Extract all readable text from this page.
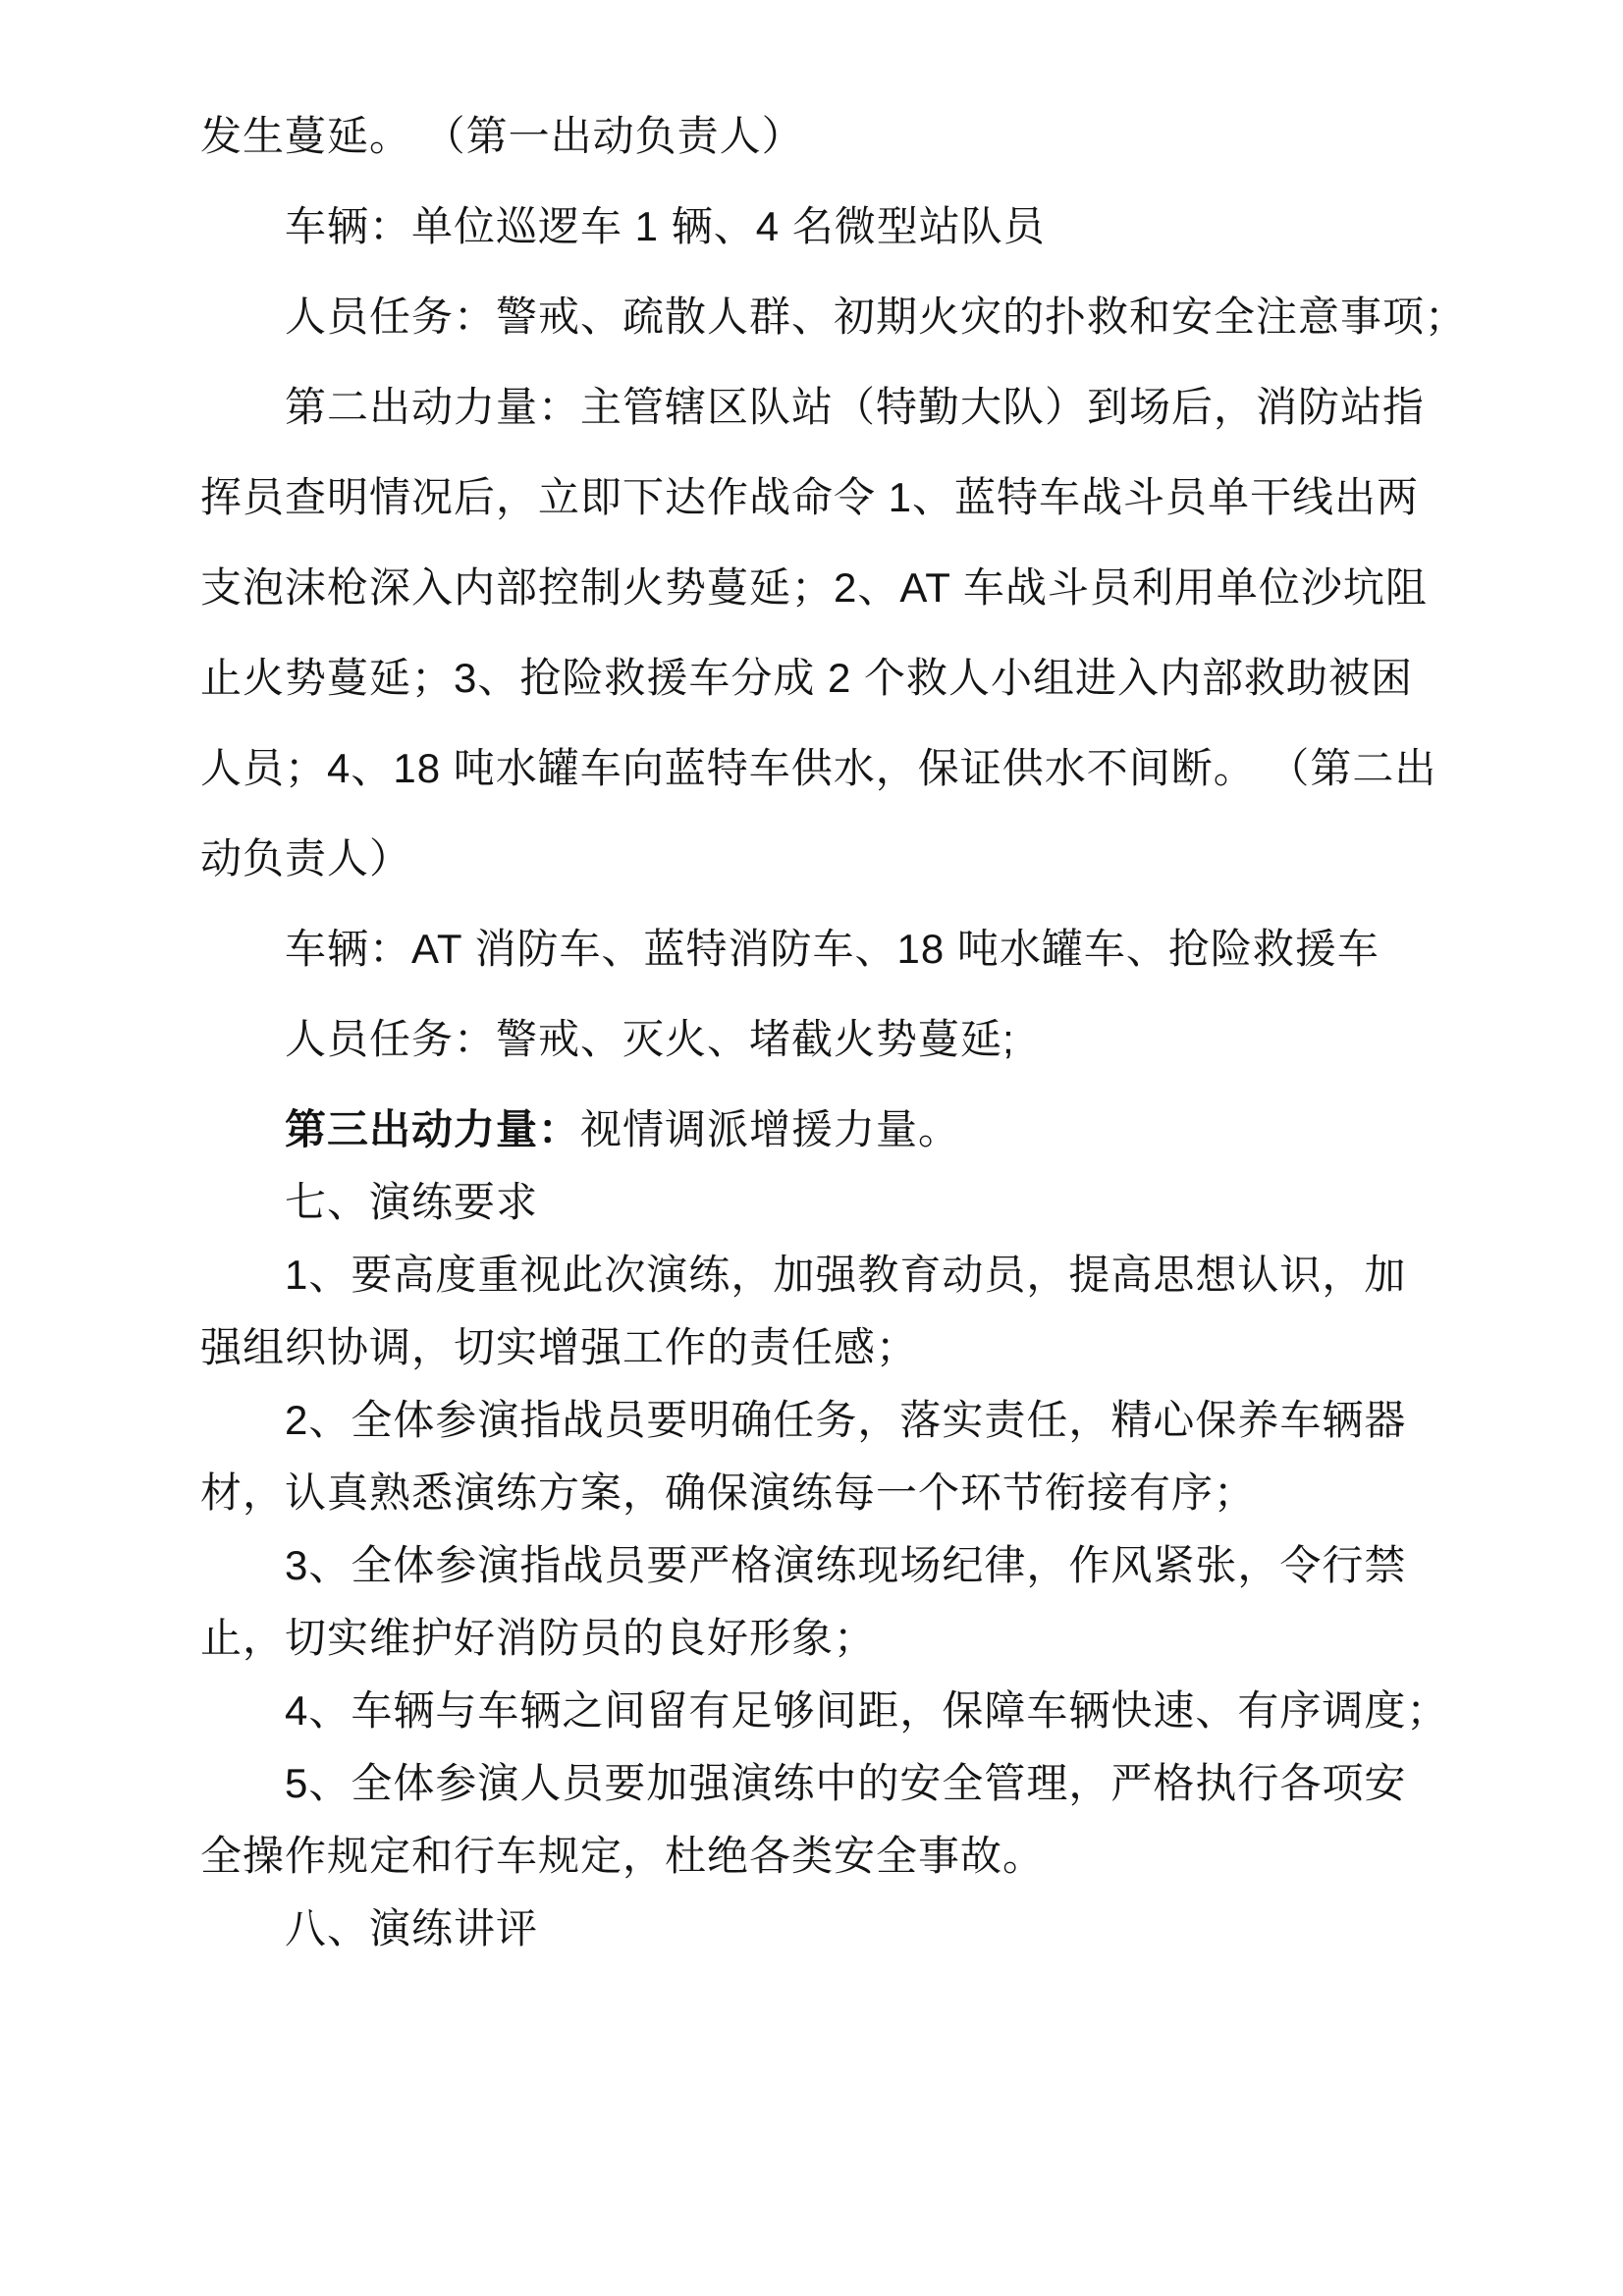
发生蔓延。 （第一出动负责人）
车辆：单位巡逻车 1 辆、4 名微型站队员
人员任务：警戒、疏散人群、初期火灾的扑救和安全注意事项；
第二出动力量：主管辖区队站（特勤大队）到场后，消防站指
挥员查明情况后，立即下达作战命令 1、蓝特车战斗员单干线出两
支泡沫枪深入内部控制火势蔓延；2、AT 车战斗员利用单位沙坑阻
止火势蔓延；3、抢险救援车分成 2 个救人小组进入内部救助被困
人员；4、18 吨水罐车向蓝特车供水，保证供水不间断。 （第二出
动负责人）
车辆：AT 消防车、蓝特消防车、18 吨水罐车、抢险救援车
人员任务：警戒、灭火、堵截火势蔓延;
第三出动力量：视情调派增援力量。
七、演练要求
1、要高度重视此次演练，加强教育动员，提高思想认识，加
强组织协调，切实增强工作的责任感；
2、全体参演指战员要明确任务，落实责任，精心保养车辆器
材，认真熟悉演练方案，确保演练每一个环节衔接有序；
3、全体参演指战员要严格演练现场纪律，作风紧张，令行禁
止，切实维护好消防员的良好形象；
4、车辆与车辆之间留有足够间距，保障车辆快速、有序调度；
5、全体参演人员要加强演练中的安全管理，严格执行各项安
全操作规定和行车规定，杜绝各类安全事故。
八、演练讲评
